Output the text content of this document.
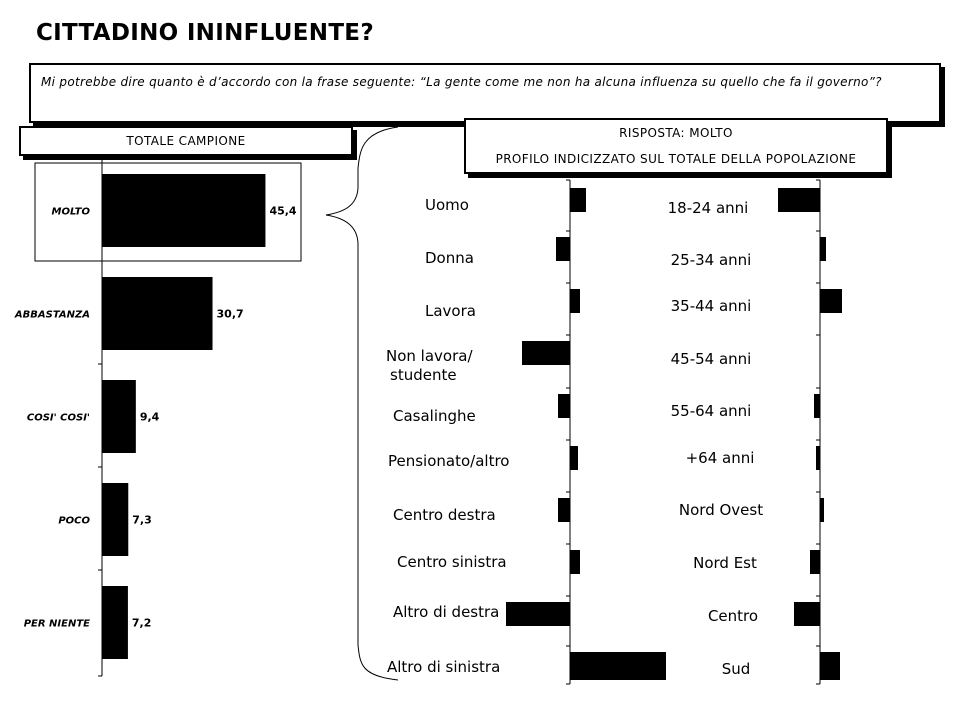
CITTADINO ININFLUENTE?
Mi potrebbe dire quanto è d’accordo con la frase seguente: “La gente come me non ha alcuna influenza su quello che fa il governo”?
TOTALE CAMPIONE
RISPOSTA: MOLTO
PROFILO INDICIZZATO SUL TOTALE DELLA POPOLAZIONE
MOLTO	45,4
ABBASTANZA	30,7
COSI' COSI'	9,4
POCO	7,3
PER NIENTE	7,2
Uomo
Donna
Lavora
Non lavora/ studente
Casalinghe
Pensionato/altro
Centro destra
Centro sinistra
Altro di destra
Altro di sinistra
18-24 anni
25-34 anni
35-44 anni
45-54 anni
55-64 anni
+64 anni
Nord Ovest
Nord Est
Centro
Sud
